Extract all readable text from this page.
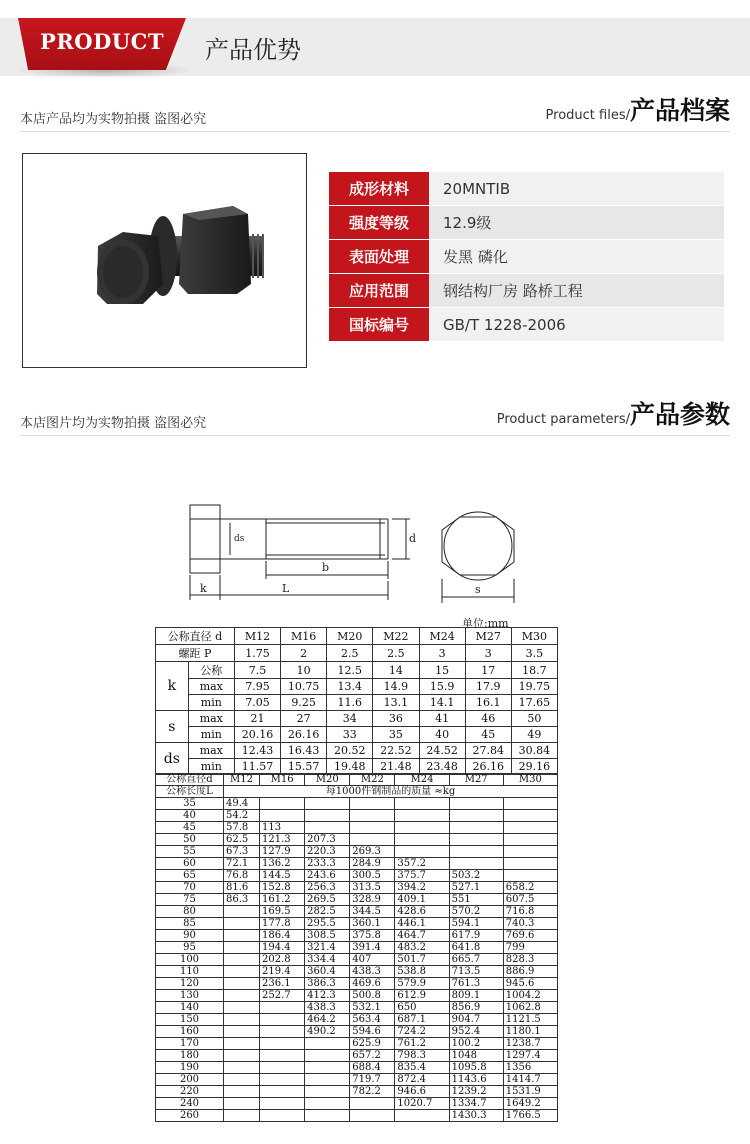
PRODUCT	产品优势
本店产品均为实物拍摄 盗图必究	Product files/产品档案
成形材料	20MNTIB
强度等级	12.9级
表面处理	发黑 磷化
应用范围	钢结构厂房 路桥工程
国标编号	GB/T 1228-2006
本店图片均为实物拍摄 盗图必究	Product parameters/产品参数
ds	d
b
k	L	s
单位:mm
公称直径 d		M12	M16	M20	M22	M24	M27	M30
螺距 P		1.75	2	2.5	2.5	3	3	3.5
k	公称	7.5	10	12.5	14	15	17	18.7
	max	7.95	10.75	13.4	14.9	15.9	17.9	19.75
	min	7.05	9.25	11.6	13.1	14.1	16.1	17.65
s	max	21	27	34	36	41	46	50
	min	20.16	26.16	33	35	40	45	49
ds	max	12.43	16.43	20.52	22.52	24.52	27.84	30.84
	min	11.57	15.57	19.48	21.48	23.48	26.16	29.16
公称直径d	M12	M16	M20	M22	M24	M27	M30
公称长度L	每1000件钢制品的质量 ≈kg						
35	49.4						
40	54.2						
45	57.8	113					
50	62.5	121.3	207.3				
55	67.3	127.9	220.3	269.3			
60	72.1	136.2	233.3	284.9	357.2		
65	76.8	144.5	243.6	300.5	375.7	503.2	
70	81.6	152.8	256.3	313.5	394.2	527.1	658.2
75	86.3	161.2	269.5	328.9	409.1	551	607.5
80		169.5	282.5	344.5	428.6	570.2	716.8
85		177.8	295.5	360.1	446.1	594.1	740.3
90		186.4	308.5	375.8	464.7	617.9	769.6
95		194.4	321.4	391.4	483.2	641.8	799
100		202.8	334.4	407	501.7	665.7	828.3
110		219.4	360.4	438.3	538.8	713.5	886.9
120		236.1	386.3	469.6	579.9	761.3	945.6
130		252.7	412.3	500.8	612.9	809.1	1004.2
140			438.3	532.1	650	856.9	1062.8
150			464.2	563.4	687.1	904.7	1121.5
160			490.2	594.6	724.2	952.4	1180.1
170				625.9	761.2	100.2	1238.7
180				657.2	798.3	1048	1297.4
190				688.4	835.4	1095.8	1356
200				719.7	872.4	1143.6	1414.7
220				782.2	946.6	1239.2	1531.9
240					1020.7	1334.7	1649.2
260						1430.3	1766.5
